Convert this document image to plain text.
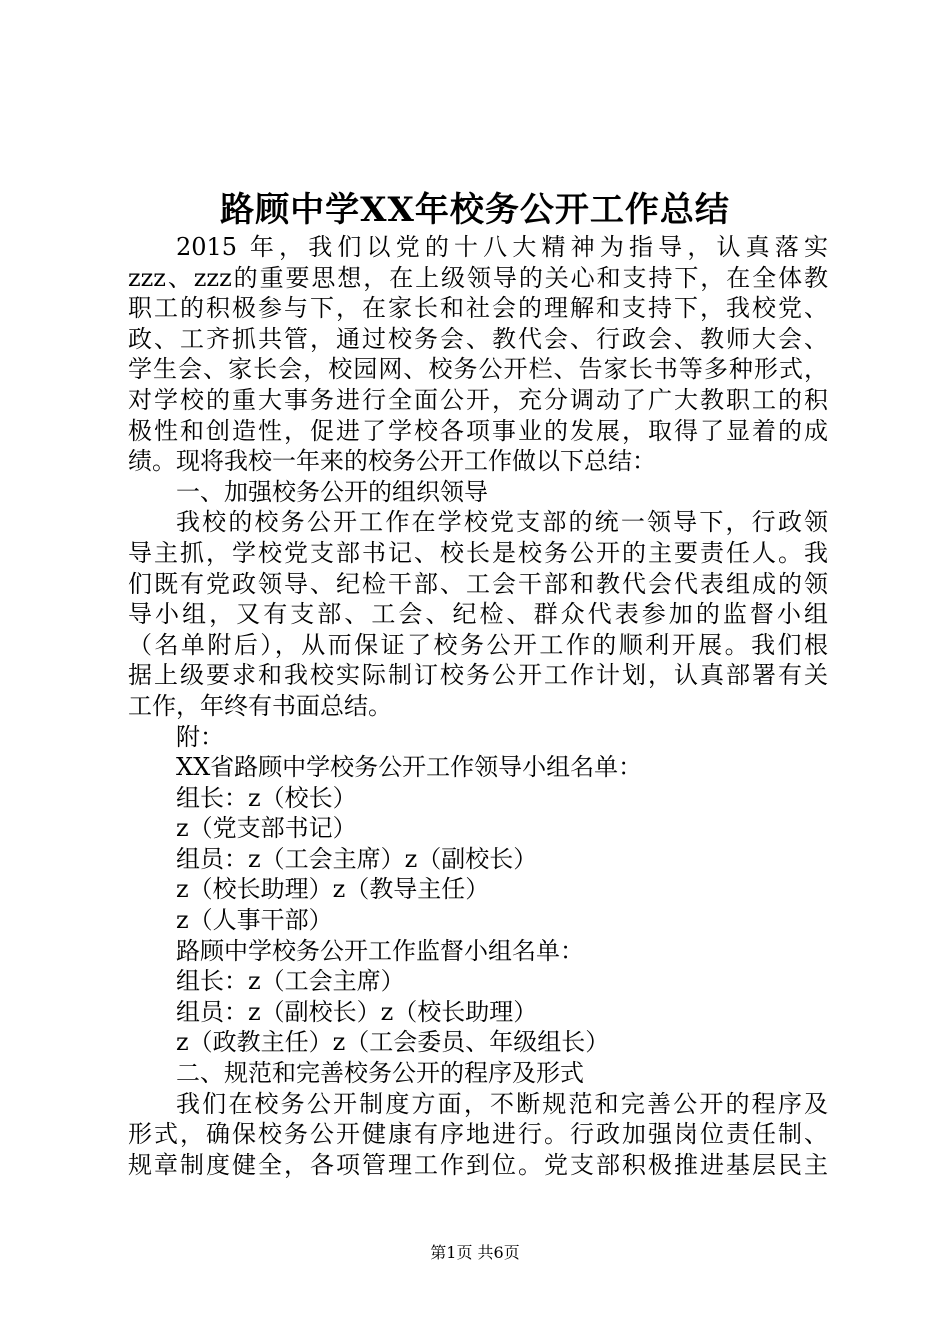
路顾中学XX年校务公开工作总结
2015 年，我们以党的十八大精神为指导，认真落实
zzz、zzz的重要思想，在上级领导的关心和支持下，在全体教
职工的积极参与下，在家长和社会的理解和支持下，我校党、
政、工齐抓共管，通过校务会、教代会、行政会、教师大会、
学生会、家长会，校园网、校务公开栏、告家长书等多种形式，
对学校的重大事务进行全面公开，充分调动了广大教职工的积
极性和创造性，促进了学校各项事业的发展，取得了显着的成
绩。现将我校一年来的校务公开工作做以下总结：
一、加强校务公开的组织领导
我校的校务公开工作在学校党支部的统一领导下，行政领
导主抓，学校党支部书记、校长是校务公开的主要责任人。我
们既有党政领导、纪检干部、工会干部和教代会代表组成的领
导小组，又有支部、工会、纪检、群众代表参加的监督小组
（名单附后），从而保证了校务公开工作的顺利开展。我们根
据上级要求和我校实际制订校务公开工作计划，认真部署有关
工作，年终有书面总结。
附：
XX省路顾中学校务公开工作领导小组名单：
组长：z（校长）
z（党支部书记）
组员：z（工会主席）z（副校长）
z（校长助理）z（教导主任）
z（人事干部）
路顾中学校务公开工作监督小组名单：
组长：z（工会主席）
组员：z（副校长）z（校长助理）
z（政教主任）z（工会委员、年级组长）
二、规范和完善校务公开的程序及形式
我们在校务公开制度方面，不断规范和完善公开的程序及
形式，确保校务公开健康有序地进行。行政加强岗位责任制、
规章制度健全，各项管理工作到位。党支部积极推进基层民主
第1页 共6页
